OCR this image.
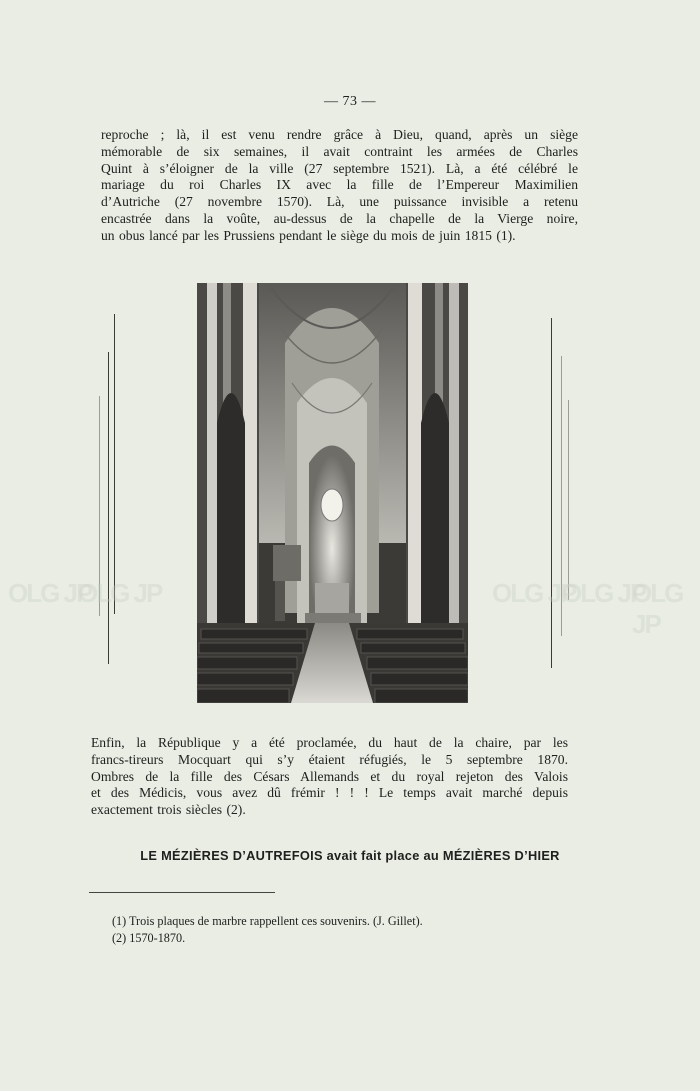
— 73 —
reproche ; là, il est venu rendre grâce à Dieu, quand, après un siège
mémorable de six semaines, il avait contraint les armées de Charles
Quint à s’éloigner de la ville (27 septembre 1521). Là, a été célébré le
mariage du roi Charles IX avec la fille de l’Empereur Maximilien
d’Autriche (27 novembre 1570). Là, une puissance invisible a retenu
encastrée dans la voûte, au-dessus de la chapelle de la Vierge noire,
un obus lancé par les Prussiens pendant le siège du mois de juin 1815 (1).
OLG JP
OLG JP	OLG JP
OLG JP
OLG JP
Enfin, la République y a été proclamée, du haut de la chaire, par les
francs-tireurs Mocquart qui s’y étaient réfugiés, le 5 septembre 1870.
Ombres de la fille des Césars Allemands et du royal rejeton des Valois
et des Médicis, vous avez dû frémir ! ! ! Le temps avait marché depuis
exactement trois siècles (2).
LE MÉZIÈRES D’AUTREFOIS avait fait place au MÉZIÈRES D’HIER
(1) Trois plaques de marbre rappellent ces souvenirs. (J. Gillet).
(2) 1570-1870.
